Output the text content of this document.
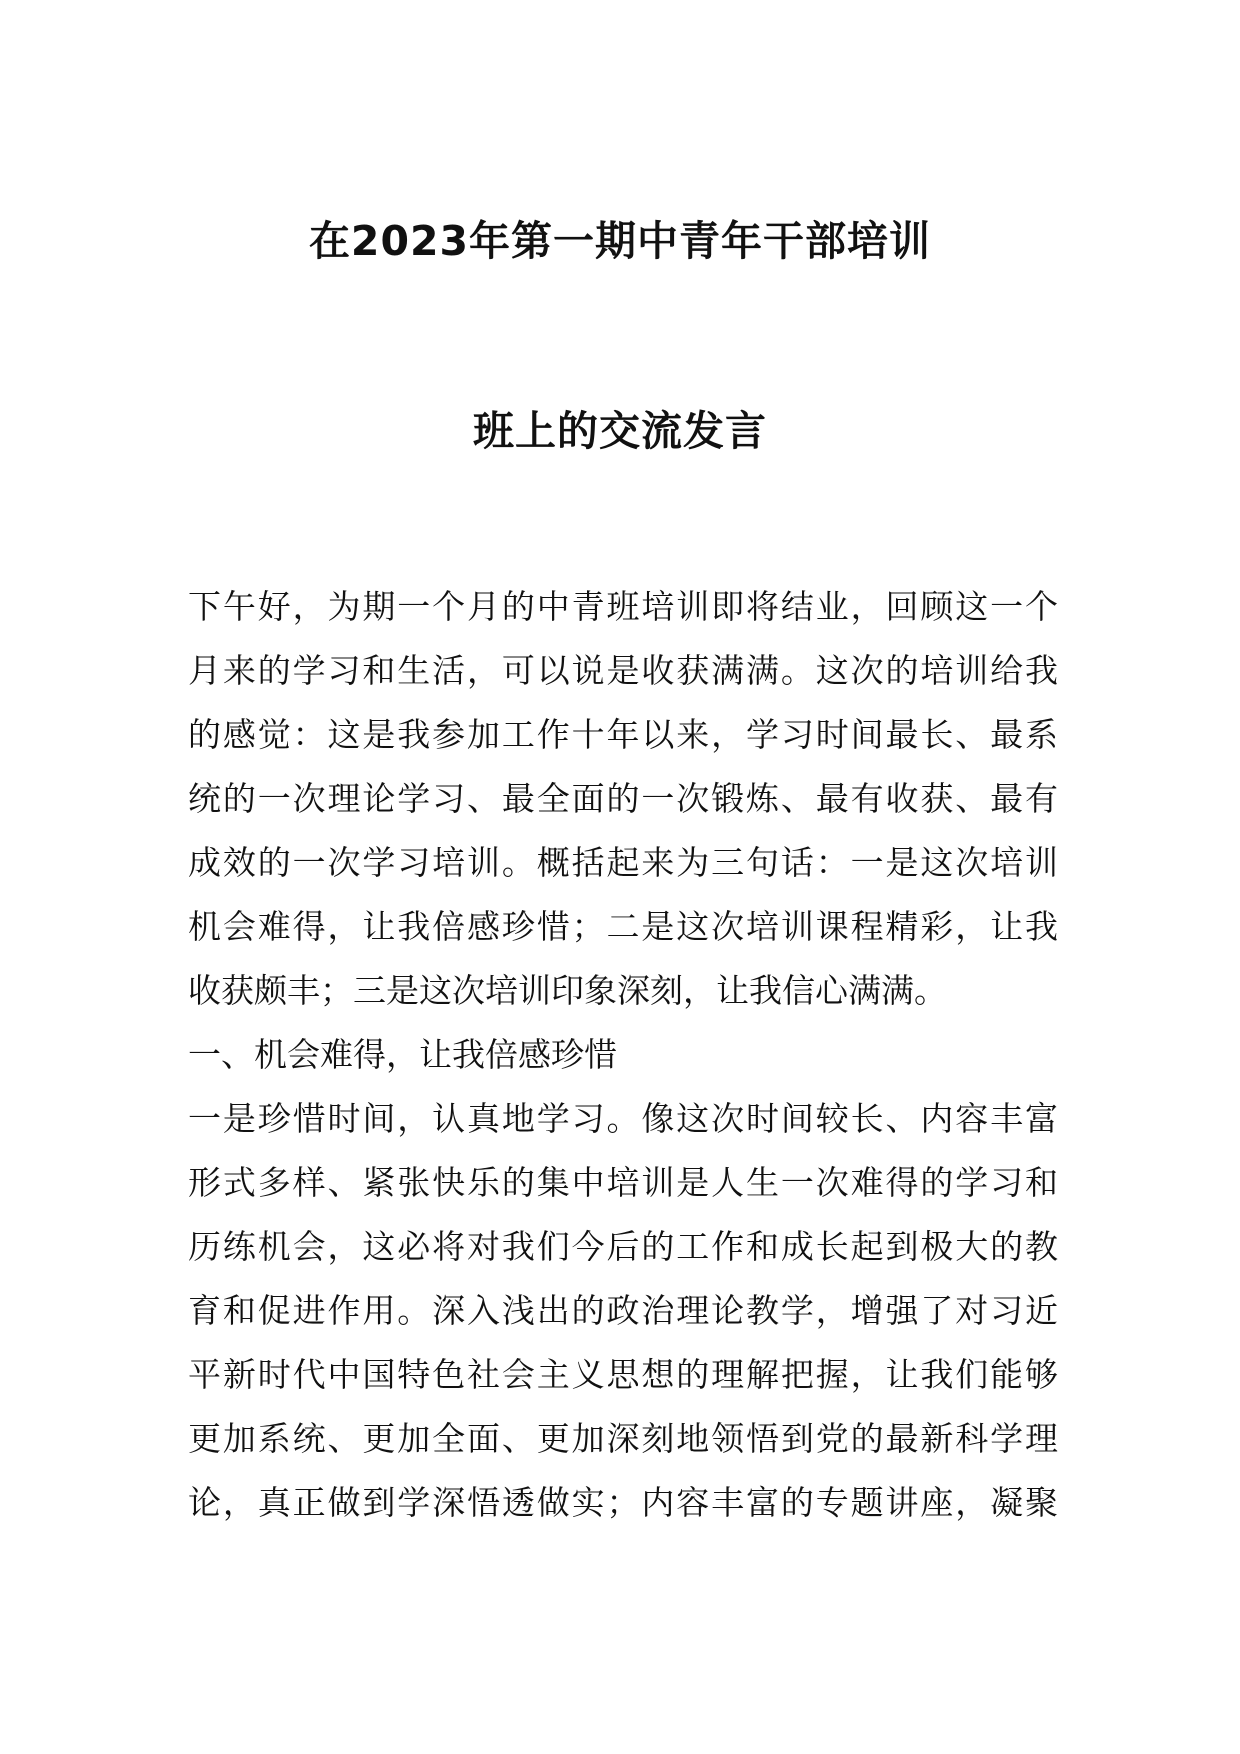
在2023年第一期中青年干部培训
班上的交流发言
下午好，为期一个月的中青班培训即将结业，回顾这一个
月来的学习和生活，可以说是收获满满。这次的培训给我
的感觉：这是我参加工作十年以来，学习时间最长、最系
统的一次理论学习、最全面的一次锻炼、最有收获、最有
成效的一次学习培训。概括起来为三句话：一是这次培训
机会难得，让我倍感珍惜；二是这次培训课程精彩，让我
收获颇丰；三是这次培训印象深刻，让我信心满满。
一、机会难得，让我倍感珍惜
一是珍惜时间，认真地学习。像这次时间较长、内容丰富
形式多样、紧张快乐的集中培训是人生一次难得的学习和
历练机会，这必将对我们今后的工作和成长起到极大的教
育和促进作用。深入浅出的政治理论教学，增强了对习近
平新时代中国特色社会主义思想的理解把握，让我们能够
更加系统、更加全面、更加深刻地领悟到党的最新科学理
论，真正做到学深悟透做实；内容丰富的专题讲座，凝聚
